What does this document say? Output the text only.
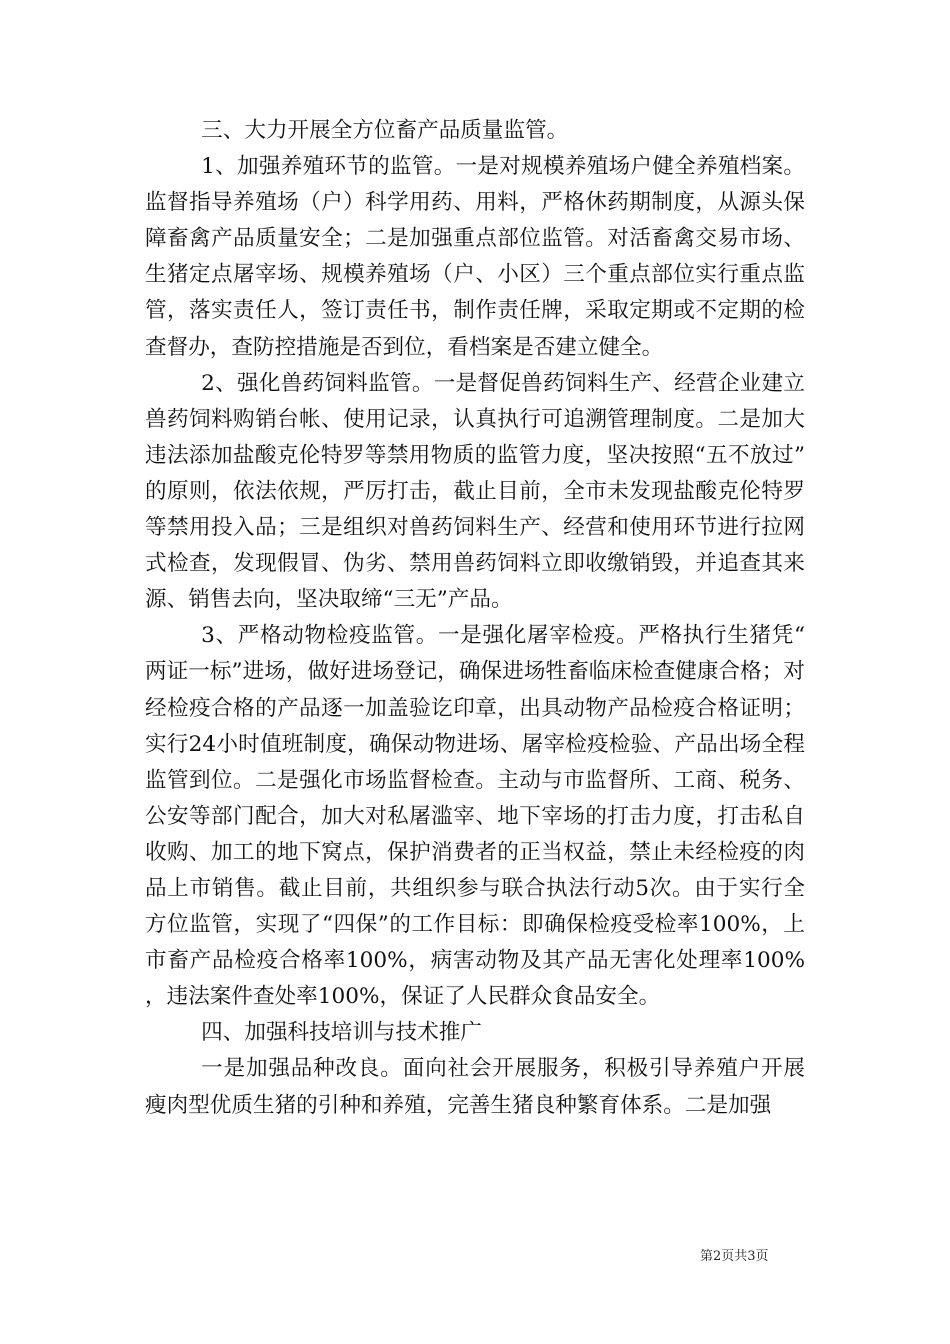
三、大力开展全方位畜产品质量监管。

1、加强养殖环节的监管。一是对规模养殖场户健全养殖档案。监督指导养殖场（户）科学用药、用料，严格休药期制度，从源头保障畜禽产品质量安全；二是加强重点部位监管。对活畜禽交易市场、生猪定点屠宰场、规模养殖场（户、小区）三个重点部位实行重点监管，落实责任人，签订责任书，制作责任牌，采取定期或不定期的检查督办，查防控措施是否到位，看档案是否建立健全。

2、强化兽药饲料监管。一是督促兽药饲料生产、经营企业建立兽药饲料购销台帐、使用记录，认真执行可追溯管理制度。二是加大违法添加盐酸克伦特罗等禁用物质的监管力度，坚决按照“五不放过”的原则，依法依规，严厉打击，截止目前，全市未发现盐酸克伦特罗等禁用投入品；三是组织对兽药饲料生产、经营和使用环节进行拉网式检查，发现假冒、伪劣、禁用兽药饲料立即收缴销毁，并追查其来源、销售去向，坚决取缔“三无”产品。

3、严格动物检疫监管。一是强化屠宰检疫。严格执行生猪凭“两证一标”进场，做好进场登记，确保进场牲畜临床检查健康合格；对经检疫合格的产品逐一加盖验讫印章，出具动物产品检疫合格证明；实行24小时值班制度，确保动物进场、屠宰检疫检验、产品出场全程监管到位。二是强化市场监督检查。主动与市监督所、工商、税务、公安等部门配合，加大对私屠滥宰、地下宰场的打击力度，打击私自收购、加工的地下窝点，保护消费者的正当权益，禁止未经检疫的肉品上市销售。截止目前，共组织参与联合执法行动5次。由于实行全方位监管，实现了“四保”的工作目标：即确保检疫受检率100%，上市畜产品检疫合格率100%，病害动物及其产品无害化处理率100%，违法案件查处率100%，保证了人民群众食品安全。

四、加强科技培训与技术推广

一是加强品种改良。面向社会开展服务，积极引导养殖户开展瘦肉型优质生猪的引种和养殖，完善生猪良种繁育体系。二是加强

第2页共3页
